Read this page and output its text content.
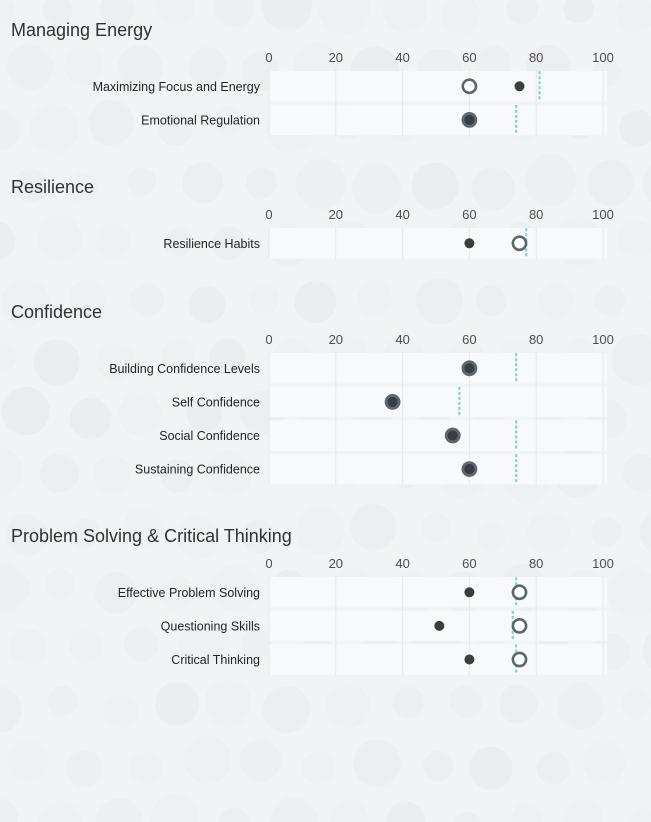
Managing Energy
0	20	40	60	80	100
Maximizing Focus and Energy
Emotional Regulation
Resilience
0	20	40	60	80	100
Resilience Habits
Confidence
0	20	40	60	80	100
Building Confidence Levels
Self Confidence
Social Confidence
Sustaining Confidence
Problem Solving & Critical Thinking
0	20	40	60	80	100
Effective Problem Solving
Questioning Skills
Critical Thinking
